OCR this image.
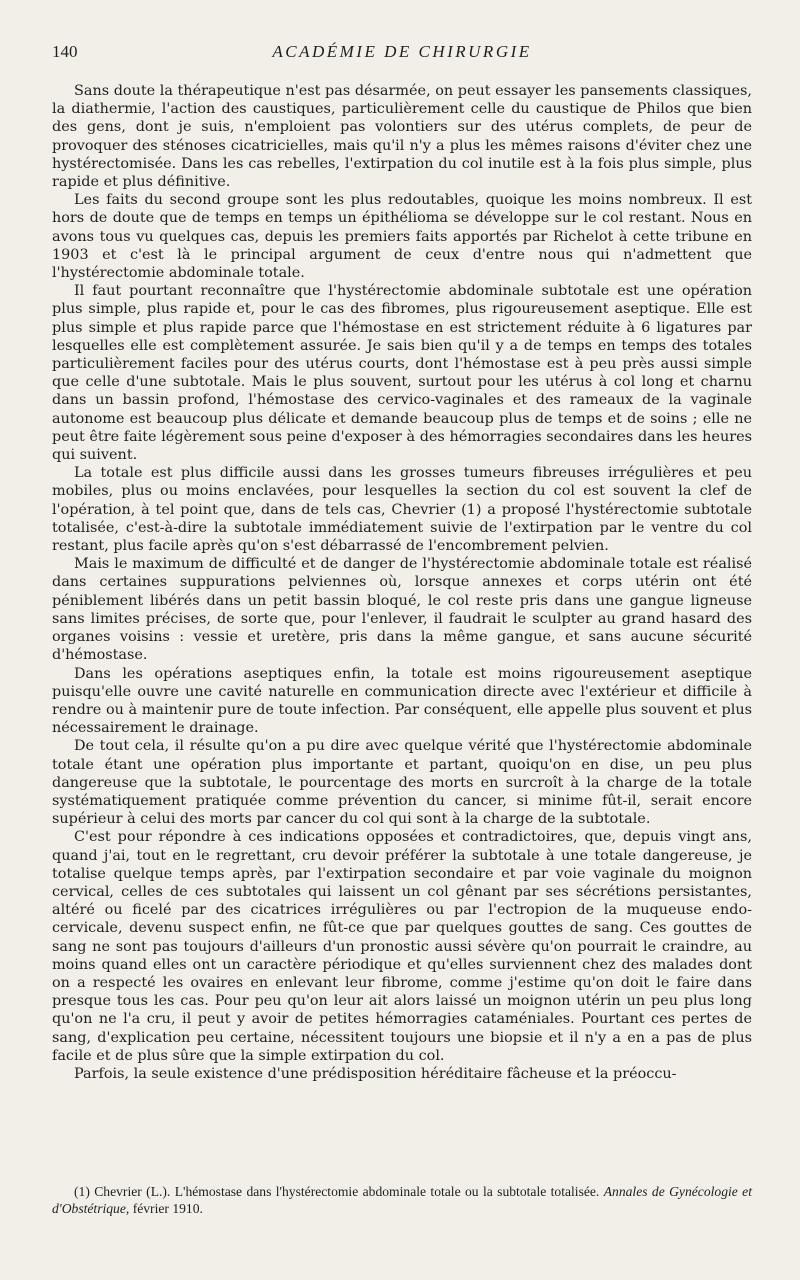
140	ACADÉMIE DE CHIRURGIE

Sans doute la thérapeutique n'est pas désarmée, on peut essayer les pansements classiques, la diathermie, l'action des caustiques, particulièrement celle du caustique de Philos que bien des gens, dont je suis, n'emploient pas volontiers sur des utérus complets, de peur de provoquer des sténoses cicatricielles, mais qu'il n'y a plus les mêmes raisons d'éviter chez une hystérectomisée. Dans les cas rebelles, l'extirpation du col inutile est à la fois plus simple, plus rapide et plus définitive.

Les faits du second groupe sont les plus redoutables, quoique les moins nombreux. Il est hors de doute que de temps en temps un épithélioma se développe sur le col restant. Nous en avons tous vu quelques cas, depuis les premiers faits apportés par Richelot à cette tribune en 1903 et c'est là le principal argument de ceux d'entre nous qui n'admettent que l'hystérectomie abdominale totale.

Il faut pourtant reconnaître que l'hystérectomie abdominale subtotale est une opération plus simple, plus rapide et, pour le cas des fibromes, plus rigoureusement aseptique. Elle est plus simple et plus rapide parce que l'hémostase en est strictement réduite à 6 ligatures par lesquelles elle est complètement assurée. Je sais bien qu'il y a de temps en temps des totales particulièrement faciles pour des utérus courts, dont l'hémostase est à peu près aussi simple que celle d'une subtotale. Mais le plus souvent, surtout pour les utérus à col long et charnu dans un bassin profond, l'hémostase des cervico-vaginales et des rameaux de la vaginale autonome est beaucoup plus délicate et demande beaucoup plus de temps et de soins ; elle ne peut être faite légèrement sous peine d'exposer à des hémorragies secondaires dans les heures qui suivent.

La totale est plus difficile aussi dans les grosses tumeurs fibreuses irrégulières et peu mobiles, plus ou moins enclavées, pour lesquelles la section du col est souvent la clef de l'opération, à tel point que, dans de tels cas, Chevrier (1) a proposé l'hystérectomie subtotale totalisée, c'est-à-dire la subtotale immédiatement suivie de l'extirpation par le ventre du col restant, plus facile après qu'on s'est débarrassé de l'encombrement pelvien.

Mais le maximum de difficulté et de danger de l'hystérectomie abdominale totale est réalisé dans certaines suppurations pelviennes où, lorsque annexes et corps utérin ont été péniblement libérés dans un petit bassin bloqué, le col reste pris dans une gangue ligneuse sans limites précises, de sorte que, pour l'enlever, il faudrait le sculpter au grand hasard des organes voisins : vessie et uretère, pris dans la même gangue, et sans aucune sécurité d'hémostase.

Dans les opérations aseptiques enfin, la totale est moins rigoureusement aseptique puisqu'elle ouvre une cavité naturelle en communication directe avec l'extérieur et difficile à rendre ou à maintenir pure de toute infection. Par conséquent, elle appelle plus souvent et plus nécessairement le drainage.

De tout cela, il résulte qu'on a pu dire avec quelque vérité que l'hystérectomie abdominale totale étant une opération plus importante et partant, quoiqu'on en dise, un peu plus dangereuse que la subtotale, le pourcentage des morts en surcroît à la charge de la totale systématiquement pratiquée comme prévention du cancer, si minime fût-il, serait encore supérieur à celui des morts par cancer du col qui sont à la charge de la subtotale.

C'est pour répondre à ces indications opposées et contradictoires, que, depuis vingt ans, quand j'ai, tout en le regrettant, cru devoir préférer la subtotale à une totale dangereuse, je totalise quelque temps après, par l'extirpation secondaire et par voie vaginale du moignon cervical, celles de ces subtotales qui laissent un col gênant par ses sécrétions persistantes, altéré ou ficelé par des cicatrices irrégulières ou par l'ectropion de la muqueuse endo-cervicale, devenu suspect enfin, ne fût-ce que par quelques gouttes de sang. Ces gouttes de sang ne sont pas toujours d'ailleurs d'un pronostic aussi sévère qu'on pourrait le craindre, au moins quand elles ont un caractère périodique et qu'elles surviennent chez des malades dont on a respecté les ovaires en enlevant leur fibrome, comme j'estime qu'on doit le faire dans presque tous les cas. Pour peu qu'on leur ait alors laissé un moignon utérin un peu plus long qu'on ne l'a cru, il peut y avoir de petites hémorragies cataméniales. Pourtant ces pertes de sang, d'explication peu certaine, nécessitent toujours une biopsie et il n'y a en a pas de plus facile et de plus sûre que la simple extirpation du col.

Parfois, la seule existence d'une prédisposition héréditaire fâcheuse et la préoccu-

(1) Chevrier (L.). L'hémostase dans l'hystérectomie abdominale totale ou la subtotale totalisée. Annales de Gynécologie et d'Obstétrique, février 1910.
